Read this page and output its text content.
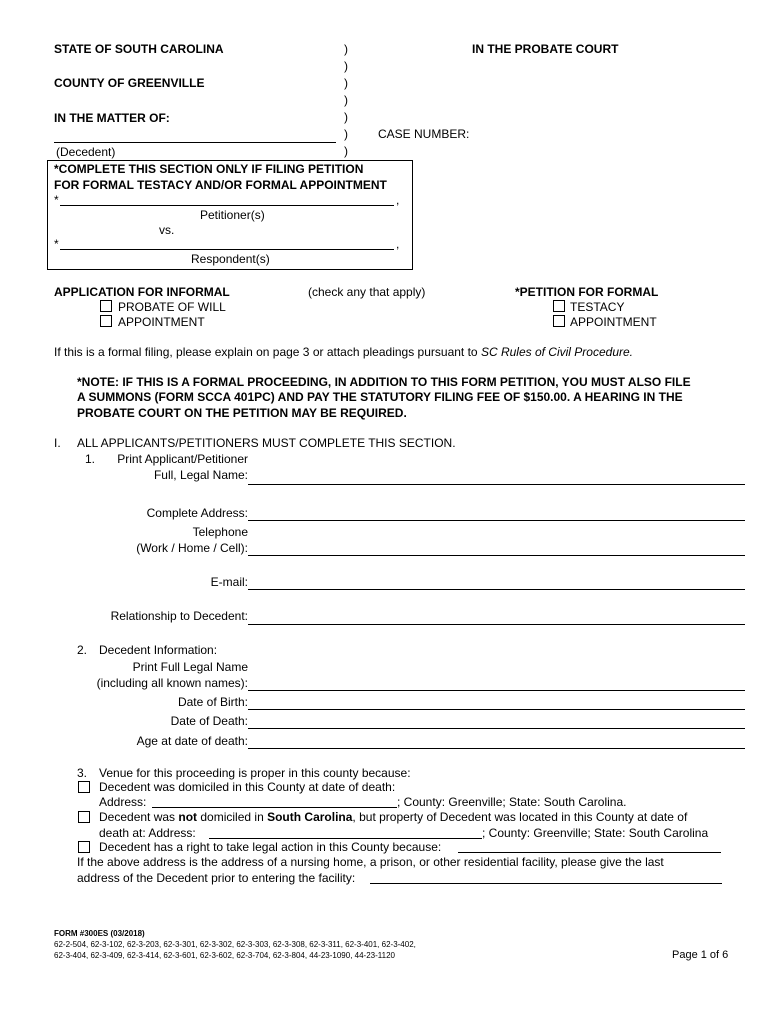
STATE OF SOUTH CAROLINA	IN THE PROBATE COURT
COUNTY OF GREENVILLE
IN THE MATTER OF:
(Decedent)
CASE NUMBER:
)
)
)
)
)
)
)
*COMPLETE THIS SECTION ONLY IF FILING PETITION
FOR FORMAL TESTACY AND/OR FORMAL APPOINTMENT
*	,
Petitioner(s)
vs.
*	,
Respondent(s)
APPLICATION FOR INFORMAL
PROBATE OF WILL
APPOINTMENT
(check any that apply)	*PETITION FOR FORMAL
TESTACY
APPOINTMENT
If this is a formal filing, please explain on page 3 or attach pleadings pursuant to SC Rules of Civil Procedure.
*NOTE: IF THIS IS A FORMAL PROCEEDING, IN ADDITION TO THIS FORM PETITION, YOU MUST ALSO FILE
A SUMMONS (FORM SCCA 401PC) AND PAY THE STATUTORY FILING FEE OF $150.00. A HEARING IN THE
PROBATE COURT ON THE PETITION MAY BE REQUIRED.
I. ALL APPLICANTS/PETITIONERS MUST COMPLETE THIS SECTION.
1.	Print Applicant/Petitioner
Full, Legal Name:
Complete Address:
Telephone
(Work / Home / Cell):
E-mail:
Relationship to Decedent:
2. Decedent Information:
Print Full Legal Name
(including all known names):
Date of Birth:
Date of Death:
Age at date of death:
3. Venue for this proceeding is proper in this county because:
Decedent was domiciled in this County at date of death:
Address:	; County: Greenville; State: South Carolina.
Decedent was not domiciled in South Carolina, but property of Decedent was located in this County at date of
death at: Address:	; County: Greenville; State: South Carolina
Decedent has a right to take legal action in this County because:
If the above address is the address of a nursing home, a prison, or other residential facility, please give the last
address of the Decedent prior to entering the facility:
FORM #300ES (03/2018)
62-2-504, 62-3-102, 62-3-203, 62-3-301, 62-3-302, 62-3-303, 62-3-308, 62-3-311, 62-3-401, 62-3-402,
62-3-404, 62-3-409, 62-3-414, 62-3-601, 62-3-602, 62-3-704, 62-3-804, 44-23-1090, 44-23-1120	Page 1 of 6
